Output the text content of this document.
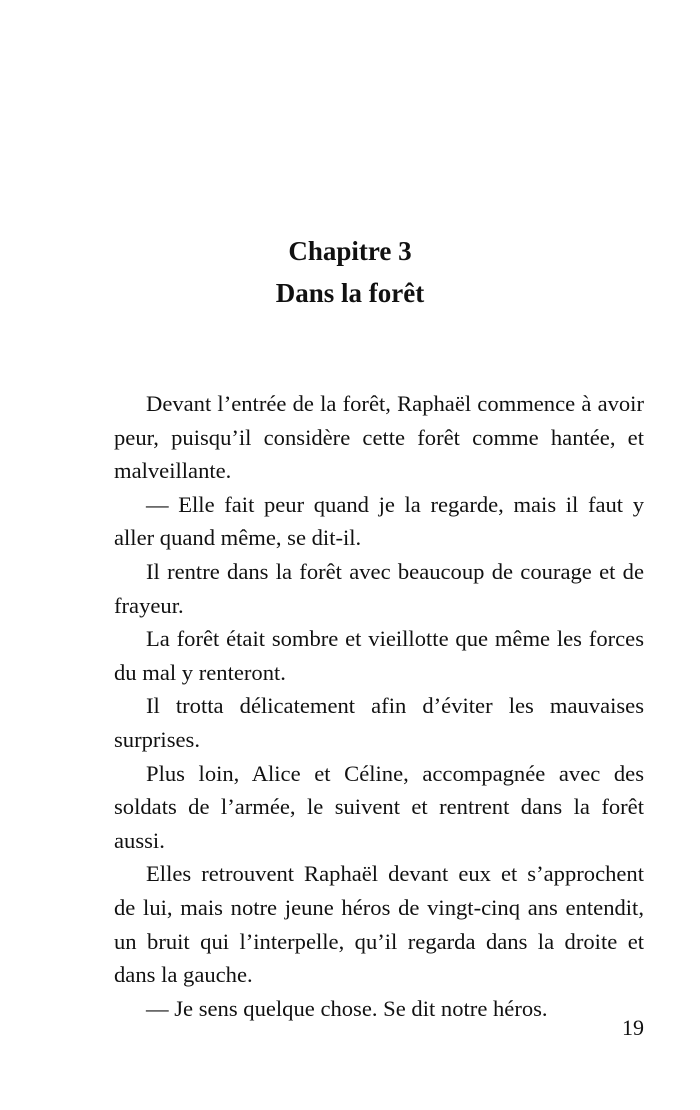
Chapitre 3
Dans la forêt

Devant l’entrée de la forêt, Raphaël commence à avoir peur, puisqu’il considère cette forêt comme hantée, et malveillante.

— Elle fait peur quand je la regarde, mais il faut y aller quand même, se dit-il.

Il rentre dans la forêt avec beaucoup de courage et de frayeur.

La forêt était sombre et vieillotte que même les forces du mal y renteront.

Il trotta délicatement afin d’éviter les mauvaises surprises.

Plus loin, Alice et Céline, accompagnée avec des soldats de l’armée, le suivent et rentrent dans la forêt aussi.

Elles retrouvent Raphaël devant eux et s’approchent de lui, mais notre jeune héros de vingt-cinq ans entendit, un bruit qui l’interpelle, qu’il regarda dans la droite et dans la gauche.

— Je sens quelque chose. Se dit notre héros.

19
